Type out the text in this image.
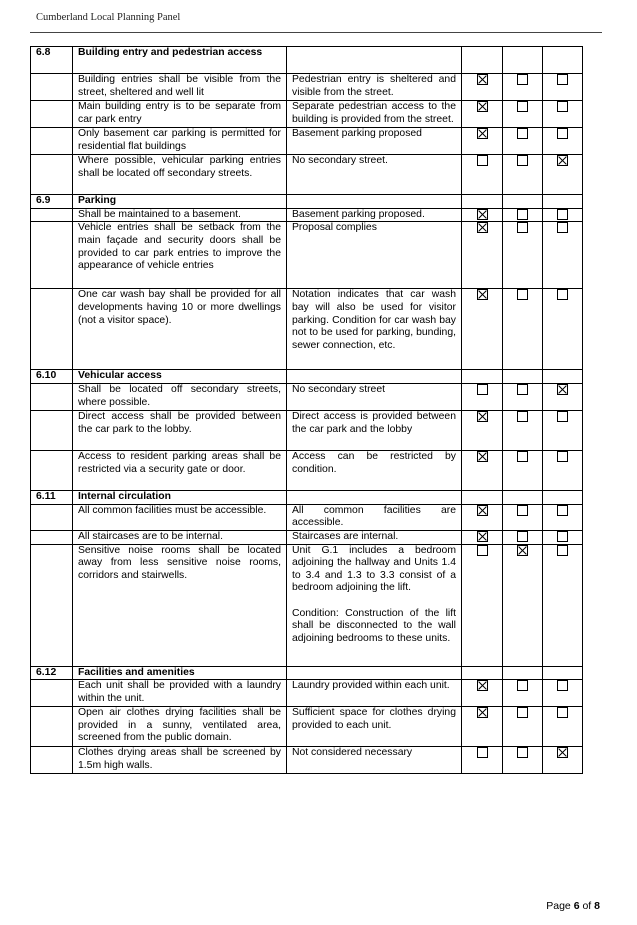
Cumberland Local Planning Panel
6.8	Building entry and pedestrian access				
	Building entries shall be visible from the street, sheltered and well lit	Pedestrian entry is sheltered and visible from the street.			
	Main building entry is to be separate from car park entry	Separate pedestrian access to the building is provided from the street.			
	Only basement car parking is permitted for residential flat buildings	Basement parking proposed			
	Where possible, vehicular parking entries shall be located off secondary streets.	No secondary street.			
6.9	Parking				
	Shall be maintained to a basement.	Basement parking proposed.			
	Vehicle entries shall be setback from the main façade and security doors shall be provided to car park entries to improve the appearance of vehicle entries	Proposal complies			
	One car wash bay shall be provided for all developments having 10 or more dwellings (not a visitor space).	Notation indicates that car wash bay will also be used for visitor parking. Condition for car wash bay not to be used for parking, bunding, sewer connection, etc.			
6.10	Vehicular access				
	Shall be located off secondary streets, where possible.	No secondary street			
	Direct access shall be provided between the car park to the lobby.	Direct access is provided between the car park and the lobby			
	Access to resident parking areas shall be restricted via a security gate or door.	Access can be restricted by condition.			
6.11	Internal circulation				
	All common facilities must be accessible.	All common facilities are accessible.			
	All staircases are to be internal.	Staircases are internal.			
	Sensitive noise rooms shall be located away from less sensitive noise rooms, corridors and stairwells.	Unit G.1 includes a bedroom adjoining the hallway and Units 1.4 to 3.4 and 1.3 to 3.3 consist of a bedroom adjoining the lift.

Condition: Construction of the lift shall be disconnected to the wall adjoining bedrooms to these units.			
6.12	Facilities and amenities				
	Each unit shall be provided with a laundry within the unit.	Laundry provided within each unit.			
	Open air clothes drying facilities shall be provided in a sunny, ventilated area, screened from the public domain.	Sufficient space for clothes drying provided to each unit.			
	Clothes drying areas shall be screened by 1.5m high walls.	Not considered necessary			
Page 6 of 8
